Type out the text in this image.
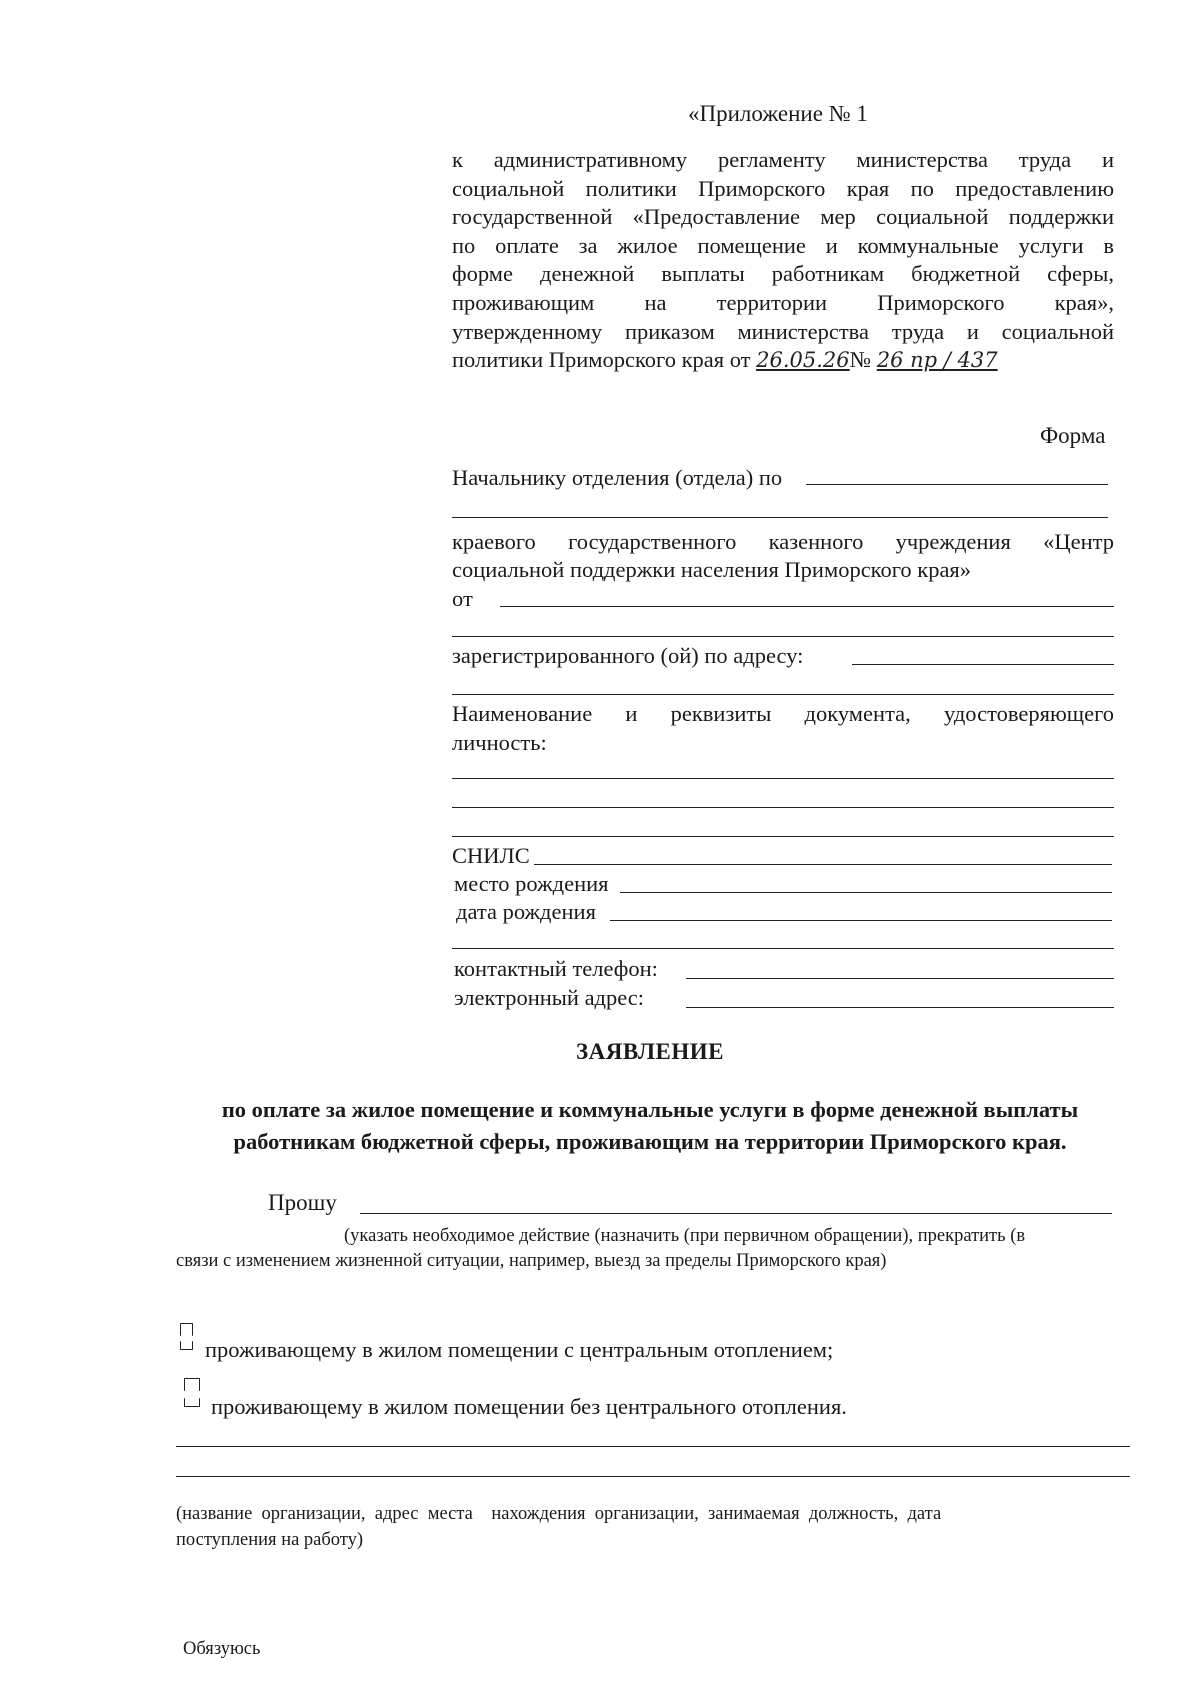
«Приложение № 1
к административному регламенту министерства труда и
социальной политики Приморского края по предоставлению
государственной «Предоставление мер социальной поддержки
по оплате за жилое помещение и коммунальные услуги в
форме денежной выплаты работникам бюджетной сферы,
проживающим на территории Приморского края»,
утвержденному приказом министерства труда и социальной
политики Приморского края от 26.05.26№ 26 пр / 437
Форма
Начальнику отделения (отдела) по
краевого государственного казенного учреждения «Центр
социальной поддержки населения Приморского края»
от
зарегистрированного (ой) по адресу:
Наименование и реквизиты документа, удостоверяющего
личность:
СНИЛС
место рождения
дата рождения
контактный телефон:
электронный адрес:
ЗАЯВЛЕНИЕ
по оплате за жилое помещение и коммунальные услуги в форме денежной выплаты
работникам бюджетной сферы, проживающим на территории Приморского края.
Прошу
(указать необходимое действие (назначить (при первичном обращении), прекратить (в
связи с изменением жизненной ситуации, например, выезд за пределы Приморского края)
проживающему в жилом помещении с центральным отоплением;
проживающему в жилом помещении без центрального отопления.
(название  организации,  адрес  места    нахождения  организации,  занимаемая  должность,  дата
поступления на работу)
Обязуюсь
